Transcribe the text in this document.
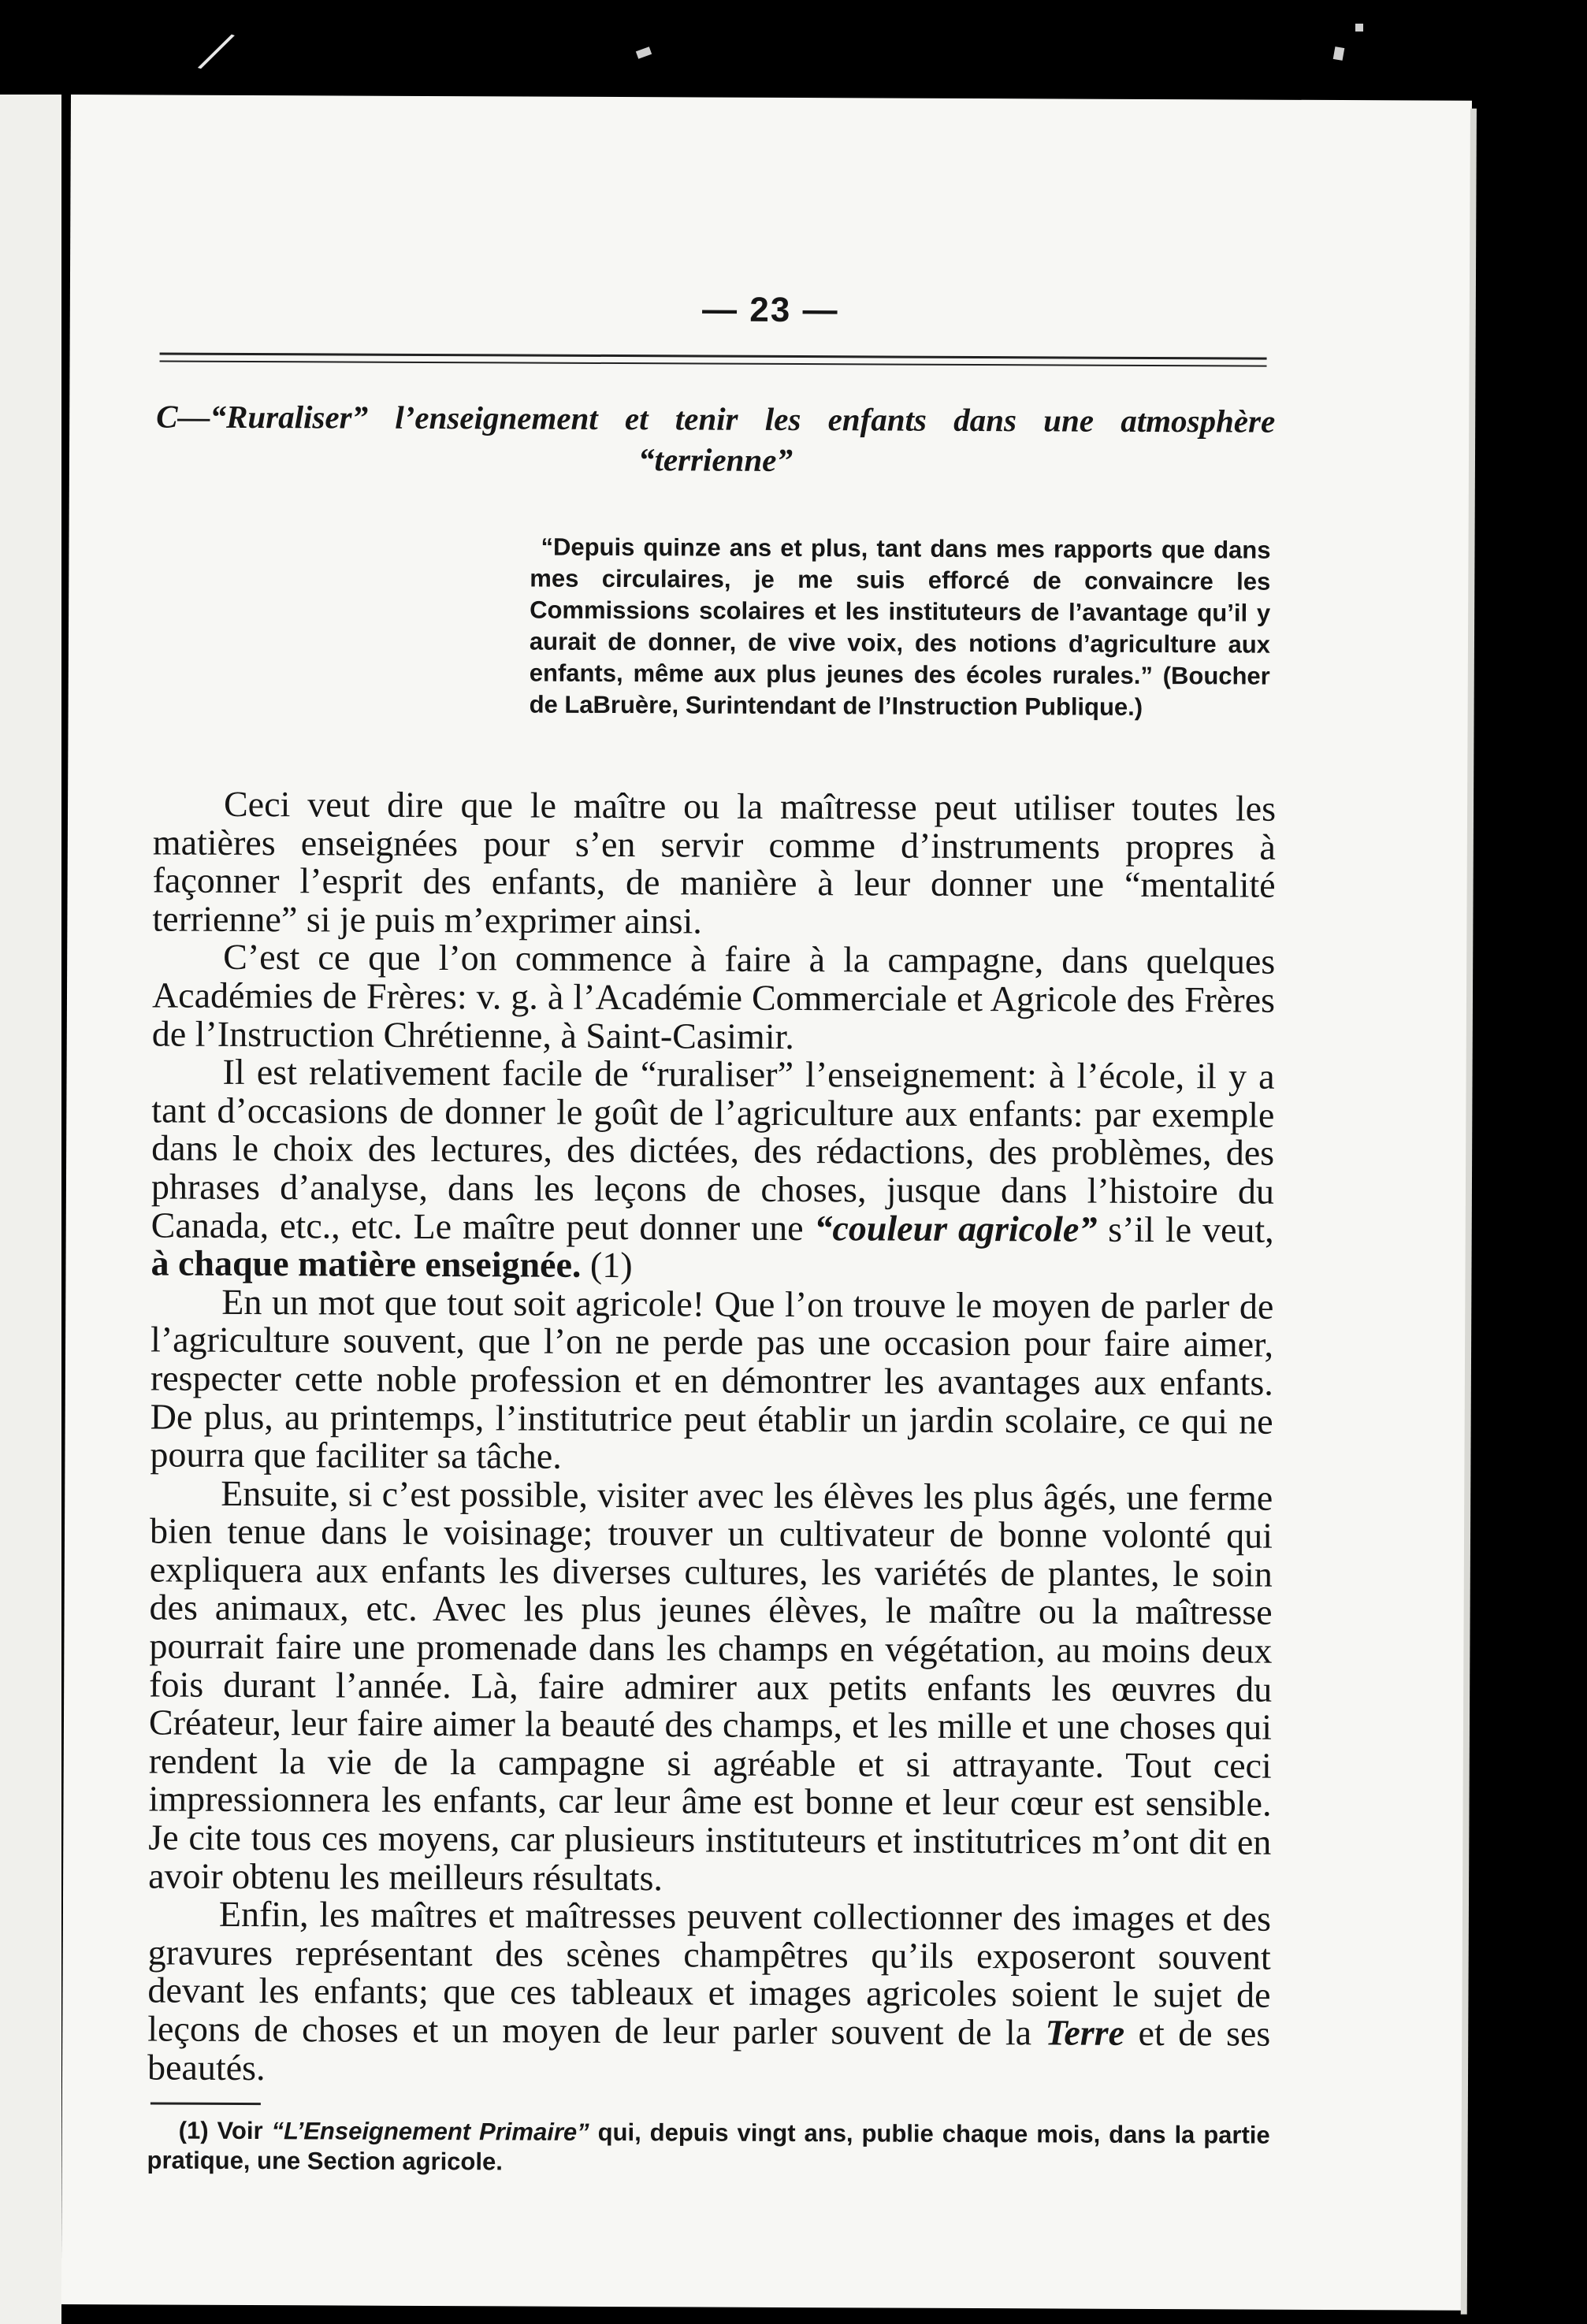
/
— 23 —
C—“Ruraliser” l’enseignement et tenir les enfants dans une atmosphère
“terrienne”

“Depuis quinze ans et plus, tant dans mes rapports que dans mes circulaires, je me suis efforcé de convaincre les Commissions scolaires et les instituteurs de l’avantage qu’il y aurait de donner, de vive voix, des notions d’agriculture aux enfants, même aux plus jeunes des écoles rurales.” (Boucher de LaBruère, Surintendant de l’Instruction Publique.)

Ceci veut dire que le maître ou la maîtresse peut utiliser toutes les matières enseignées pour s’en servir comme d’instruments propres à façonner l’esprit des enfants, de manière à leur donner une “mentalité terrienne” si je puis m’exprimer ainsi.

C’est ce que l’on commence à faire à la campagne, dans quelques Académies de Frères: v. g. à l’Académie Commerciale et Agricole des Frères de l’Instruction Chrétienne, à Saint-Casimir.

Il est relativement facile de “ruraliser” l’enseignement: à l’école, il y a tant d’occasions de donner le goût de l’agriculture aux enfants: par exemple dans le choix des lectures, des dictées, des rédactions, des problèmes, des phrases d’analyse, dans les leçons de choses, jusque dans l’histoire du Canada, etc., etc. Le maître peut donner une “couleur agricole” s’il le veut, à chaque matière enseignée. (1)

En un mot que tout soit agricole! Que l’on trouve le moyen de parler de l’agriculture souvent, que l’on ne perde pas une occasion pour faire aimer, respecter cette noble profession et en démontrer les avantages aux enfants. De plus, au printemps, l’institutrice peut établir un jardin scolaire, ce qui ne pourra que faciliter sa tâche.

Ensuite, si c’est possible, visiter avec les élèves les plus âgés, une ferme bien tenue dans le voisinage; trouver un cultivateur de bonne volonté qui expliquera aux enfants les diverses cultures, les variétés de plantes, le soin des animaux, etc. Avec les plus jeunes élèves, le maître ou la maîtresse pourrait faire une promenade dans les champs en végétation, au moins deux fois durant l’année. Là, faire admirer aux petits enfants les œuvres du Créateur, leur faire aimer la beauté des champs, et les mille et une choses qui rendent la vie de la campagne si agréable et si attrayante. Tout ceci impressionnera les enfants, car leur âme est bonne et leur cœur est sensible. Je cite tous ces moyens, car plusieurs instituteurs et institutrices m’ont dit en avoir obtenu les meilleurs résultats.

Enfin, les maîtres et maîtresses peuvent collectionner des images et des gravures représentant des scènes champêtres qu’ils exposeront souvent devant les enfants; que ces tableaux et images agricoles soient le sujet de leçons de choses et un moyen de leur parler souvent de la Terre et de ses beautés.

(1) Voir “L’Enseignement Primaire” qui, depuis vingt ans, publie chaque mois, dans la partie pratique, une Section agricole.
